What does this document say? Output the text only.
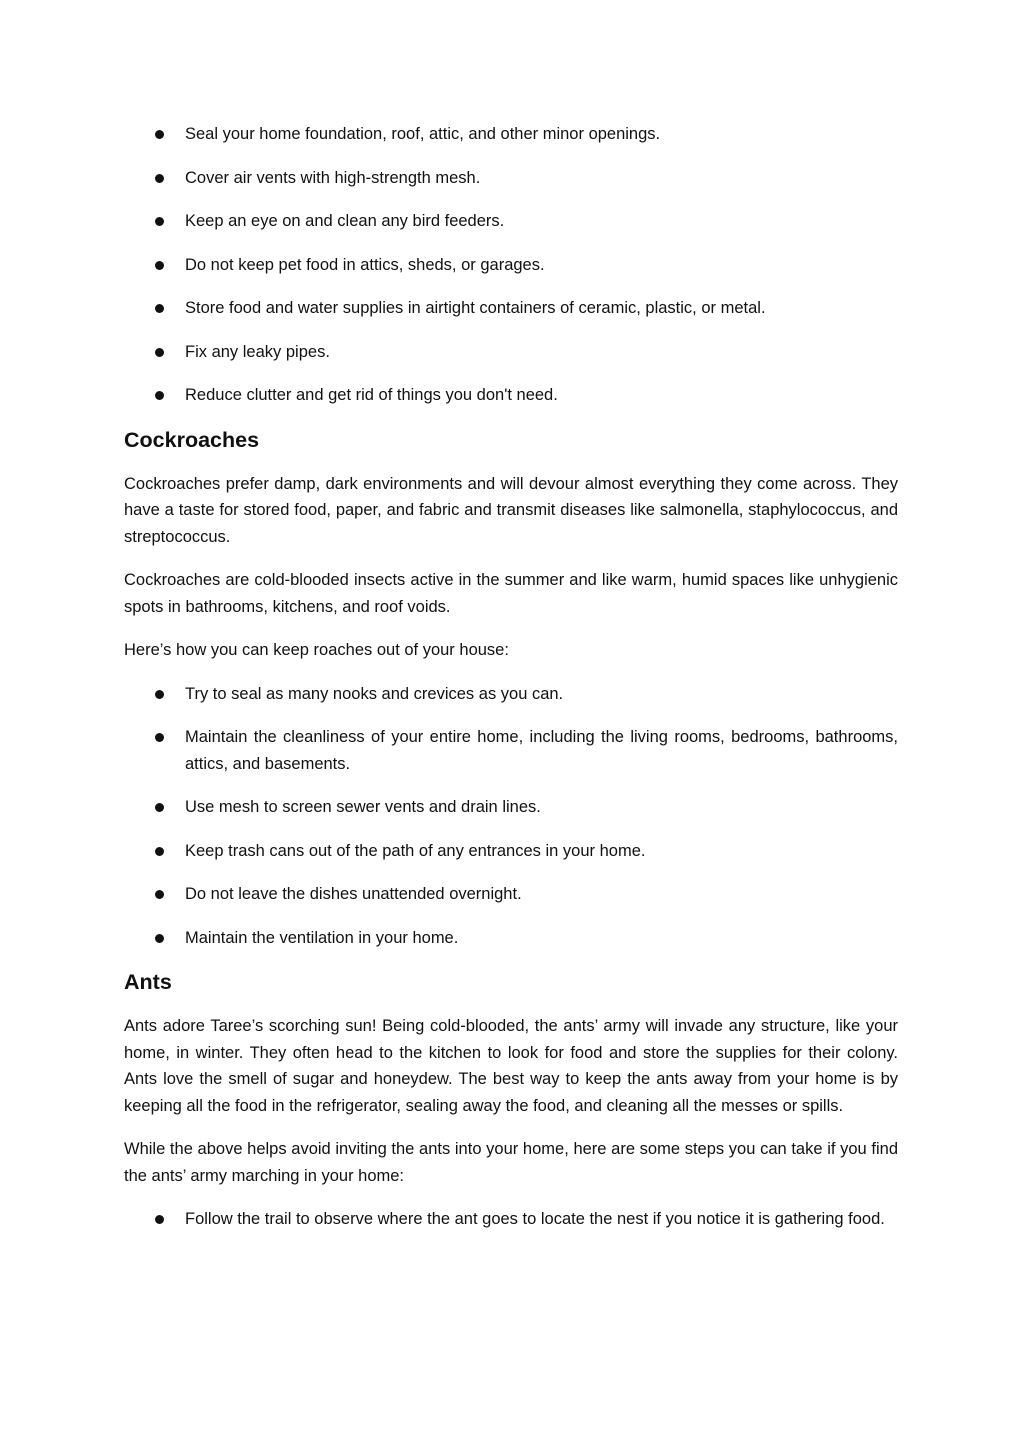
Seal your home foundation, roof, attic, and other minor openings.
Cover air vents with high-strength mesh.
Keep an eye on and clean any bird feeders.
Do not keep pet food in attics, sheds, or garages.
Store food and water supplies in airtight containers of ceramic, plastic, or metal.
Fix any leaky pipes.
Reduce clutter and get rid of things you don't need.
Cockroaches

Cockroaches prefer damp, dark environments and will devour almost everything they come across. They have a taste for stored food, paper, and fabric and transmit diseases like salmonella, staphylococcus, and streptococcus.

Cockroaches are cold-blooded insects active in the summer and like warm, humid spaces like unhygienic spots in bathrooms, kitchens, and roof voids.

Here’s how you can keep roaches out of your house:

Try to seal as many nooks and crevices as you can.
Maintain the cleanliness of your entire home, including the living rooms, bedrooms, bathrooms, attics, and basements.
Use mesh to screen sewer vents and drain lines.
Keep trash cans out of the path of any entrances in your home.
Do not leave the dishes unattended overnight.
Maintain the ventilation in your home.
Ants

Ants adore Taree’s scorching sun! Being cold-blooded, the ants’ army will invade any structure, like your home, in winter. They often head to the kitchen to look for food and store the supplies for their colony. Ants love the smell of sugar and honeydew. The best way to keep the ants away from your home is by keeping all the food in the refrigerator, sealing away the food, and cleaning all the messes or spills.

While the above helps avoid inviting the ants into your home, here are some steps you can take if you find the ants’ army marching in your home:

Follow the trail to observe where the ant goes to locate the nest if you notice it is gathering food.
